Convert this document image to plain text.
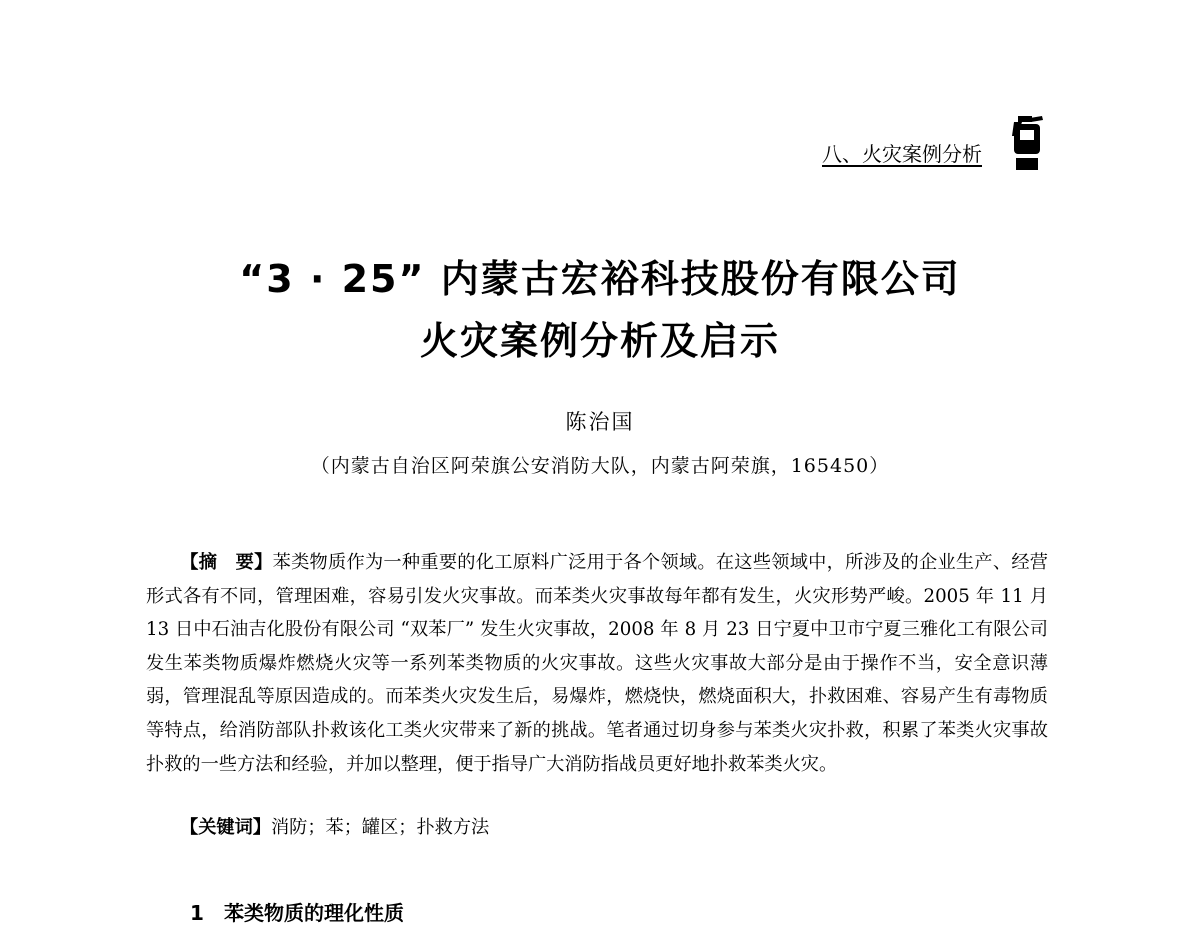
八、火灾案例分析
“3 · 25” 内蒙古宏裕科技股份有限公司
火灾案例分析及启示
陈治国
（内蒙古自治区阿荣旗公安消防大队，内蒙古阿荣旗，165450）
【摘　要】苯类物质作为一种重要的化工原料广泛用于各个领域。在这些领域中，所涉及的企业生产、经营形式各有不同，管理困难，容易引发火灾事故。而苯类火灾事故每年都有发生，火灾形势严峻。2005 年 11 月 13 日中石油吉化股份有限公司 “双苯厂” 发生火灾事故，2008 年 8 月 23 日宁夏中卫市宁夏三雅化工有限公司发生苯类物质爆炸燃烧火灾等一系列苯类物质的火灾事故。这些火灾事故大部分是由于操作不当，安全意识薄弱，管理混乱等原因造成的。而苯类火灾发生后，易爆炸，燃烧快，燃烧面积大，扑救困难、容易产生有毒物质等特点，给消防部队扑救该化工类火灾带来了新的挑战。笔者通过切身参与苯类火灾扑救，积累了苯类火灾事故扑救的一些方法和经验，并加以整理，便于指导广大消防指战员更好地扑救苯类火灾。
【关键词】消防；苯；罐区；扑救方法
1 苯类物质的理化性质
